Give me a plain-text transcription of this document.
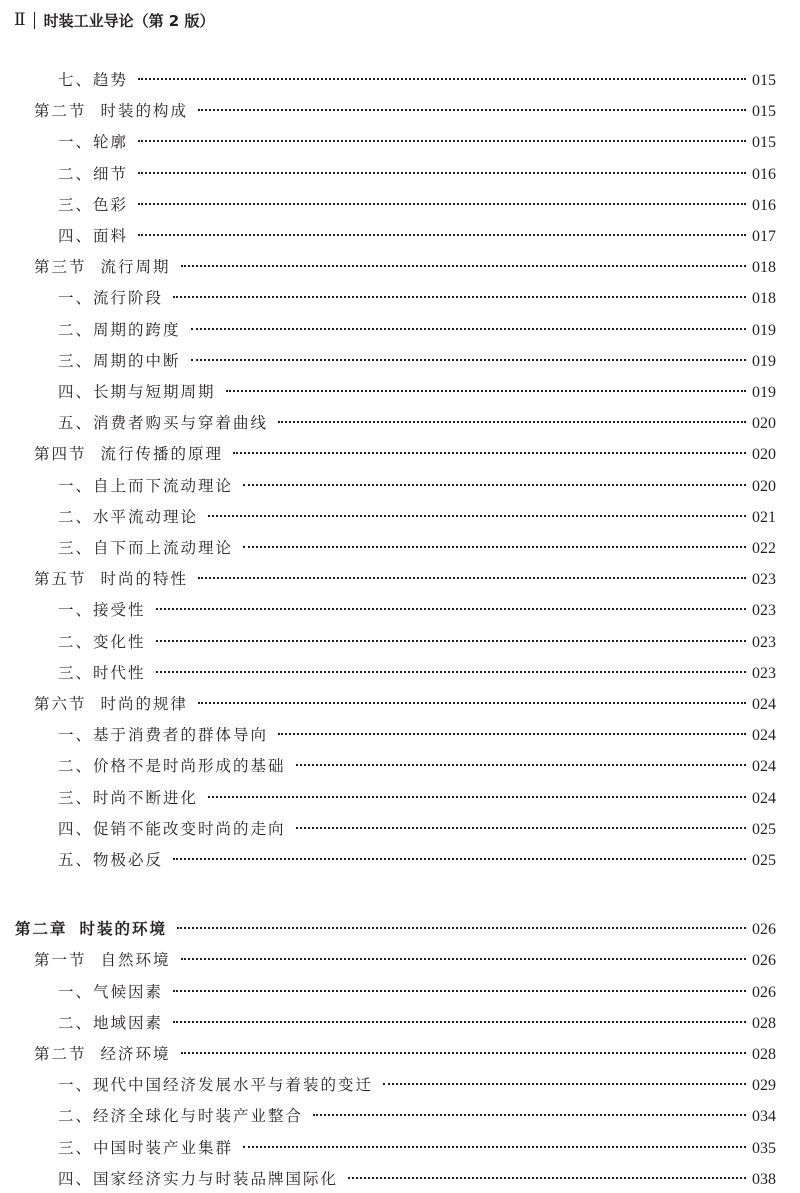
Ⅱ 时装工业导论（第 2 版）
七、趋势	015
第二节 时装的构成	015
一、轮廓	015
二、细节	016
三、色彩	016
四、面料	017
第三节 流行周期	018
一、流行阶段	018
二、周期的跨度	019
三、周期的中断	019
四、长期与短期周期	019
五、消费者购买与穿着曲线	020
第四节 流行传播的原理	020
一、自上而下流动理论	020
二、水平流动理论	021
三、自下而上流动理论	022
第五节 时尚的特性	023
一、接受性	023
二、变化性	023
三、时代性	023
第六节 时尚的规律	024
一、基于消费者的群体导向	024
二、价格不是时尚形成的基础	024
三、时尚不断进化	024
四、促销不能改变时尚的走向	025
五、物极必反	025
第二章 时装的环境	026
第一节 自然环境	026
一、气候因素	026
二、地域因素	028
第二节 经济环境	028
一、现代中国经济发展水平与着装的变迁	029
二、经济全球化与时装产业整合	034
三、中国时装产业集群	035
四、国家经济实力与时装品牌国际化	038
